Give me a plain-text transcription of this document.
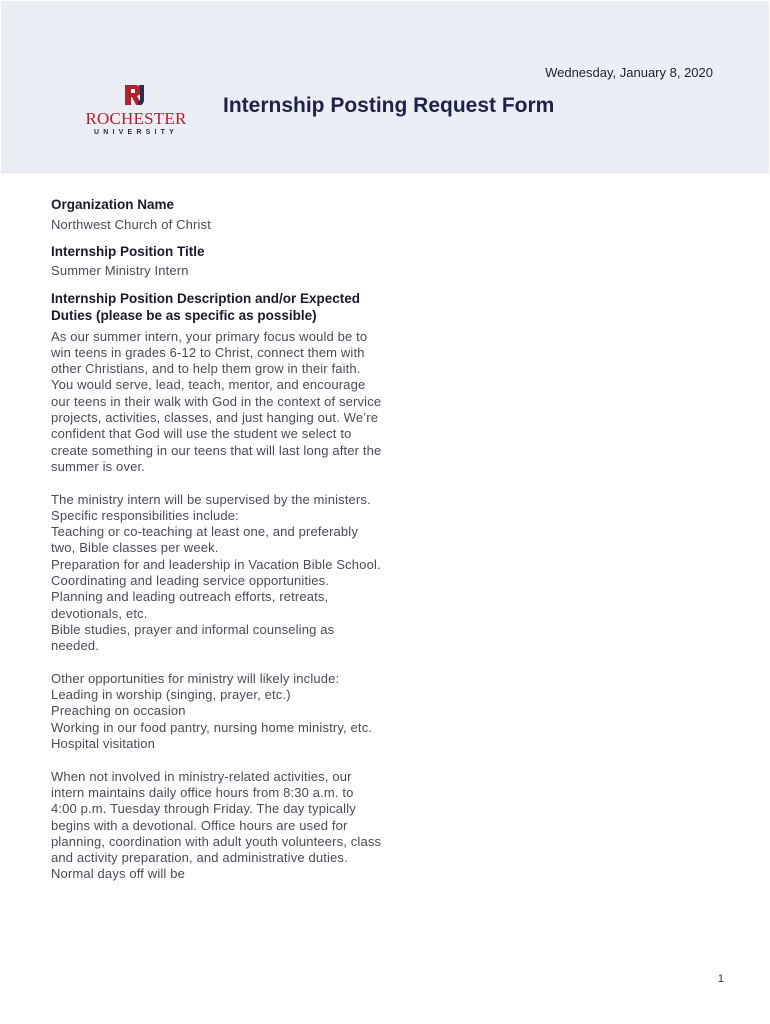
Wednesday, January 8, 2020
ROCHESTER
UNIVERSITY
Internship Posting Request Form

Organization Name

Northwest Church of Christ

Internship Position Title

Summer Ministry Intern

Internship Position Description and/or Expected Duties (please be as specific as possible)

As our summer intern, your primary focus would be to win teens in grades 6-12 to Christ, connect them with other Christians, and to help them grow in their faith. You would serve, lead, teach, mentor, and encourage our teens in their walk with God in the context of service projects, activities, classes, and just hanging out. We’re confident that God will use the student we select to create something in our teens that will last long after the summer is over.

The ministry intern will be supervised by the ministers. Specific responsibilities include:
Teaching or co-teaching at least one, and preferably two, Bible classes per week.
Preparation for and leadership in Vacation Bible School.
Coordinating and leading service opportunities.
Planning and leading outreach efforts, retreats, devotionals, etc.
Bible studies, prayer and informal counseling as needed.

Other opportunities for ministry will likely include:
Leading in worship (singing, prayer, etc.)
Preaching on occasion
Working in our food pantry, nursing home ministry, etc.
Hospital visitation

When not involved in ministry-related activities, our intern maintains daily office hours from 8:30 a.m. to 4:00 p.m. Tuesday through Friday. The day typically begins with a devotional. Office hours are used for planning, coordination with adult youth volunteers, class and activity preparation, and administrative duties. Normal days off will be

1
